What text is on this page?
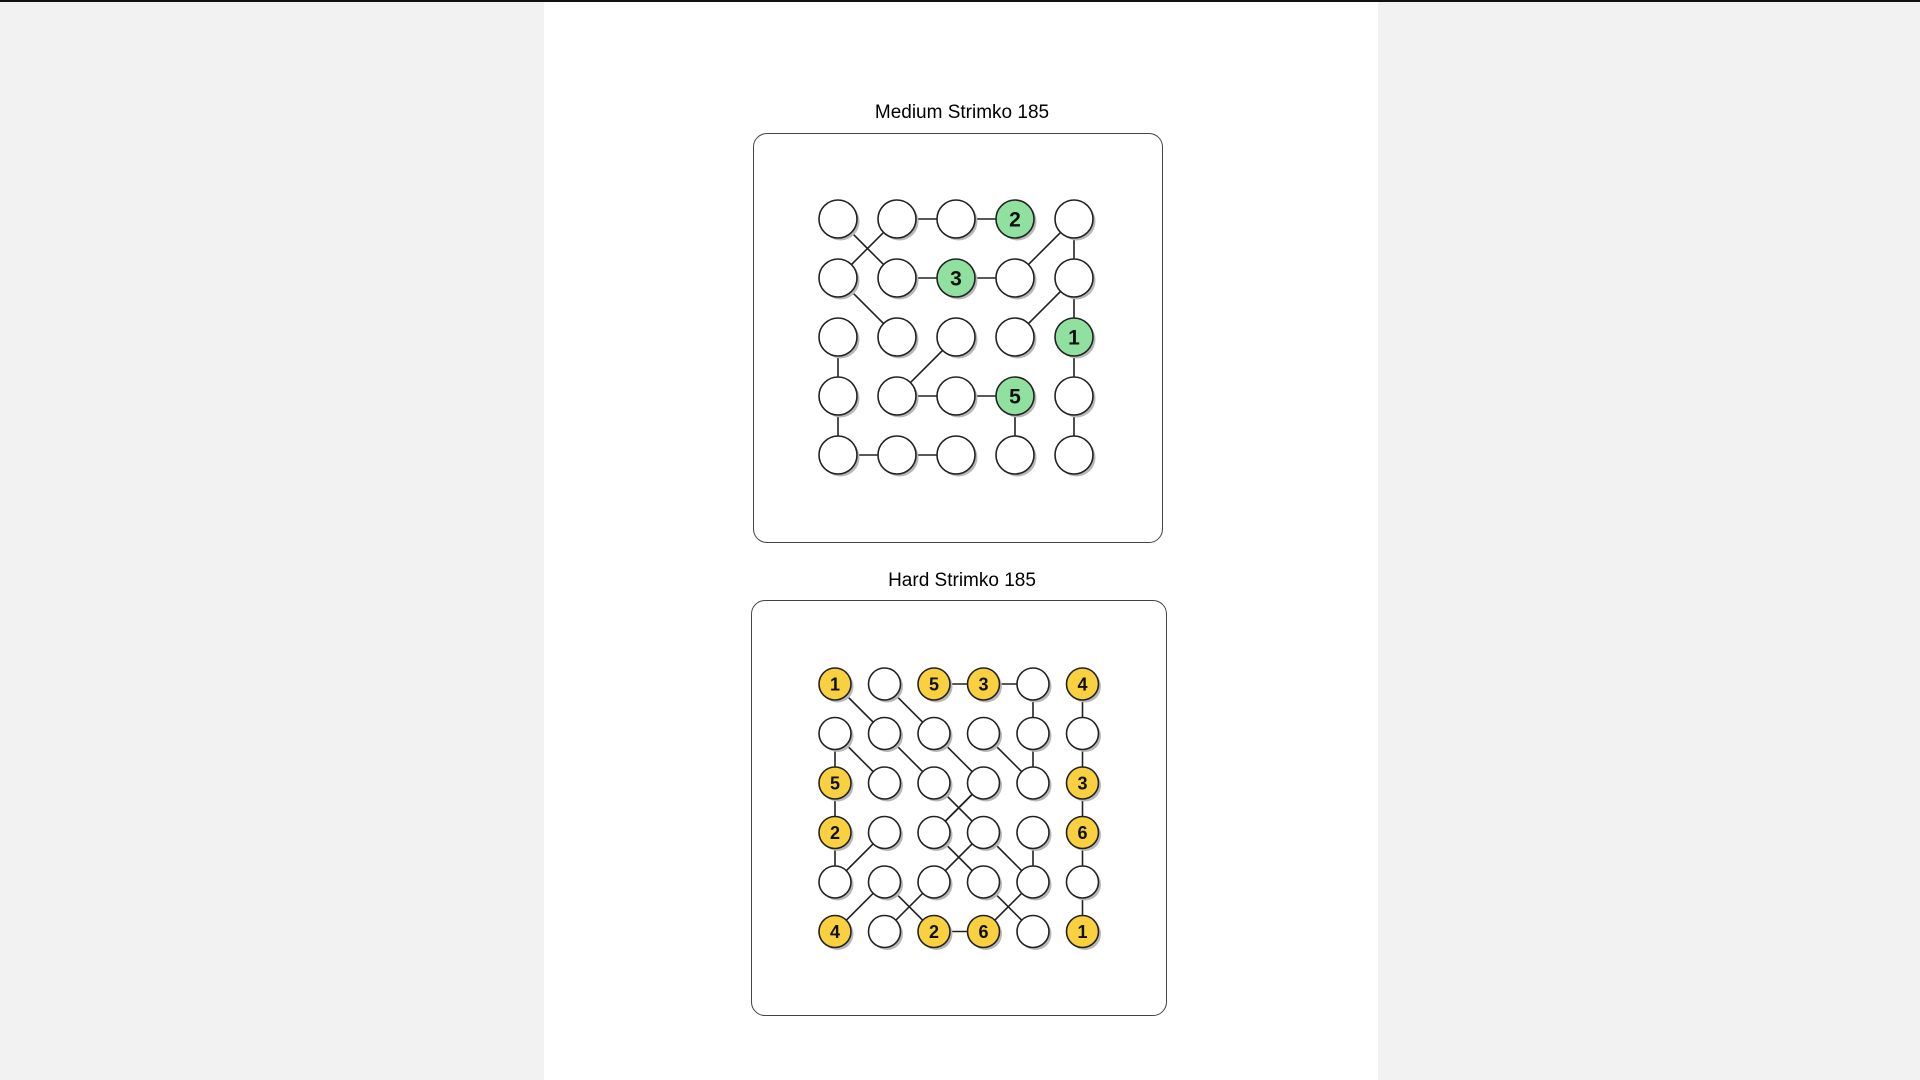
Medium Strimko 185
2
3
1
5
Hard Strimko 185
1	5 3	4
5	3
2	6
4	2 6	1
